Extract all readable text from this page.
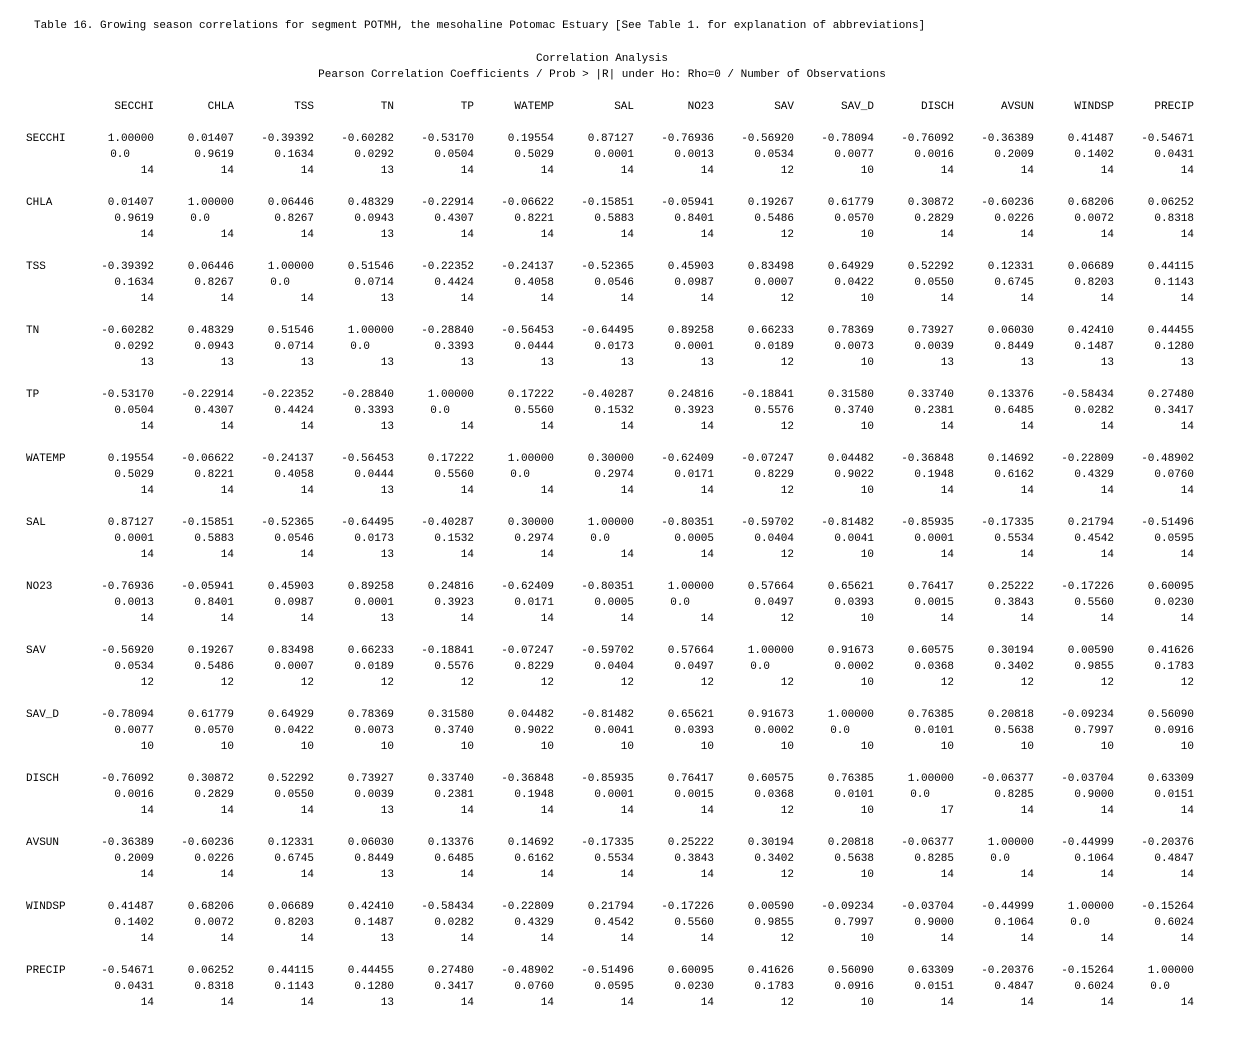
Table 16. Growing season correlations for segment POTMH, the mesohaline Potomac Estuary [See Table 1. for explanation of abbreviations]
Correlation Analysis
Pearson Correlation Coefficients / Prob > |R| under Ho: Rho=0 / Number of Observations
SECCHI	CHLA	TSS	TN	TP	WATEMP	SAL	NO23	SAV	SAV_D	DISCH	AVSUN	WINDSP	PRECIP
SECCHI	1.00000	0.01407	-0.39392	-0.60282	-0.53170	0.19554	0.87127	-0.76936	-0.56920	-0.78094	-0.76092	-0.36389	0.41487	-0.54671
0.0	0.9619	0.1634	0.0292	0.0504	0.5029	0.0001	0.0013	0.0534	0.0077	0.0016	0.2009	0.1402	0.0431
14	14	14	13	14	14	14	14	12	10	14	14	14	14
CHLA	0.01407	1.00000	0.06446	0.48329	-0.22914	-0.06622	-0.15851	-0.05941	0.19267	0.61779	0.30872	-0.60236	0.68206	0.06252
0.9619	0.0	0.8267	0.0943	0.4307	0.8221	0.5883	0.8401	0.5486	0.0570	0.2829	0.0226	0.0072	0.8318
14	14	14	13	14	14	14	14	12	10	14	14	14	14
TSS	-0.39392	0.06446	1.00000	0.51546	-0.22352	-0.24137	-0.52365	0.45903	0.83498	0.64929	0.52292	0.12331	0.06689	0.44115
0.1634	0.8267	0.0	0.0714	0.4424	0.4058	0.0546	0.0987	0.0007	0.0422	0.0550	0.6745	0.8203	0.1143
14	14	14	13	14	14	14	14	12	10	14	14	14	14
TN	-0.60282	0.48329	0.51546	1.00000	-0.28840	-0.56453	-0.64495	0.89258	0.66233	0.78369	0.73927	0.06030	0.42410	0.44455
0.0292	0.0943	0.0714	0.0	0.3393	0.0444	0.0173	0.0001	0.0189	0.0073	0.0039	0.8449	0.1487	0.1280
13	13	13	13	13	13	13	13	12	10	13	13	13	13
TP	-0.53170	-0.22914	-0.22352	-0.28840	1.00000	0.17222	-0.40287	0.24816	-0.18841	0.31580	0.33740	0.13376	-0.58434	0.27480
0.0504	0.4307	0.4424	0.3393	0.0	0.5560	0.1532	0.3923	0.5576	0.3740	0.2381	0.6485	0.0282	0.3417
14	14	14	13	14	14	14	14	12	10	14	14	14	14
WATEMP	0.19554	-0.06622	-0.24137	-0.56453	0.17222	1.00000	0.30000	-0.62409	-0.07247	0.04482	-0.36848	0.14692	-0.22809	-0.48902
0.5029	0.8221	0.4058	0.0444	0.5560	0.0	0.2974	0.0171	0.8229	0.9022	0.1948	0.6162	0.4329	0.0760
14	14	14	13	14	14	14	14	12	10	14	14	14	14
SAL	0.87127	-0.15851	-0.52365	-0.64495	-0.40287	0.30000	1.00000	-0.80351	-0.59702	-0.81482	-0.85935	-0.17335	0.21794	-0.51496
0.0001	0.5883	0.0546	0.0173	0.1532	0.2974	0.0	0.0005	0.0404	0.0041	0.0001	0.5534	0.4542	0.0595
14	14	14	13	14	14	14	14	12	10	14	14	14	14
NO23	-0.76936	-0.05941	0.45903	0.89258	0.24816	-0.62409	-0.80351	1.00000	0.57664	0.65621	0.76417	0.25222	-0.17226	0.60095
0.0013	0.8401	0.0987	0.0001	0.3923	0.0171	0.0005	0.0	0.0497	0.0393	0.0015	0.3843	0.5560	0.0230
14	14	14	13	14	14	14	14	12	10	14	14	14	14
SAV	-0.56920	0.19267	0.83498	0.66233	-0.18841	-0.07247	-0.59702	0.57664	1.00000	0.91673	0.60575	0.30194	0.00590	0.41626
0.0534	0.5486	0.0007	0.0189	0.5576	0.8229	0.0404	0.0497	0.0	0.0002	0.0368	0.3402	0.9855	0.1783
12	12	12	12	12	12	12	12	12	10	12	12	12	12
SAV_D	-0.78094	0.61779	0.64929	0.78369	0.31580	0.04482	-0.81482	0.65621	0.91673	1.00000	0.76385	0.20818	-0.09234	0.56090
0.0077	0.0570	0.0422	0.0073	0.3740	0.9022	0.0041	0.0393	0.0002	0.0	0.0101	0.5638	0.7997	0.0916
10	10	10	10	10	10	10	10	10	10	10	10	10	10
DISCH	-0.76092	0.30872	0.52292	0.73927	0.33740	-0.36848	-0.85935	0.76417	0.60575	0.76385	1.00000	-0.06377	-0.03704	0.63309
0.0016	0.2829	0.0550	0.0039	0.2381	0.1948	0.0001	0.0015	0.0368	0.0101	0.0	0.8285	0.9000	0.0151
14	14	14	13	14	14	14	14	12	10	17	14	14	14
AVSUN	-0.36389	-0.60236	0.12331	0.06030	0.13376	0.14692	-0.17335	0.25222	0.30194	0.20818	-0.06377	1.00000	-0.44999	-0.20376
0.2009	0.0226	0.6745	0.8449	0.6485	0.6162	0.5534	0.3843	0.3402	0.5638	0.8285	0.0	0.1064	0.4847
14	14	14	13	14	14	14	14	12	10	14	14	14	14
WINDSP	0.41487	0.68206	0.06689	0.42410	-0.58434	-0.22809	0.21794	-0.17226	0.00590	-0.09234	-0.03704	-0.44999	1.00000	-0.15264
0.1402	0.0072	0.8203	0.1487	0.0282	0.4329	0.4542	0.5560	0.9855	0.7997	0.9000	0.1064	0.0	0.6024
14	14	14	13	14	14	14	14	12	10	14	14	14	14
PRECIP	-0.54671	0.06252	0.44115	0.44455	0.27480	-0.48902	-0.51496	0.60095	0.41626	0.56090	0.63309	-0.20376	-0.15264	1.00000
0.0431	0.8318	0.1143	0.1280	0.3417	0.0760	0.0595	0.0230	0.1783	0.0916	0.0151	0.4847	0.6024	0.0
14	14	14	13	14	14	14	14	12	10	14	14	14	14
